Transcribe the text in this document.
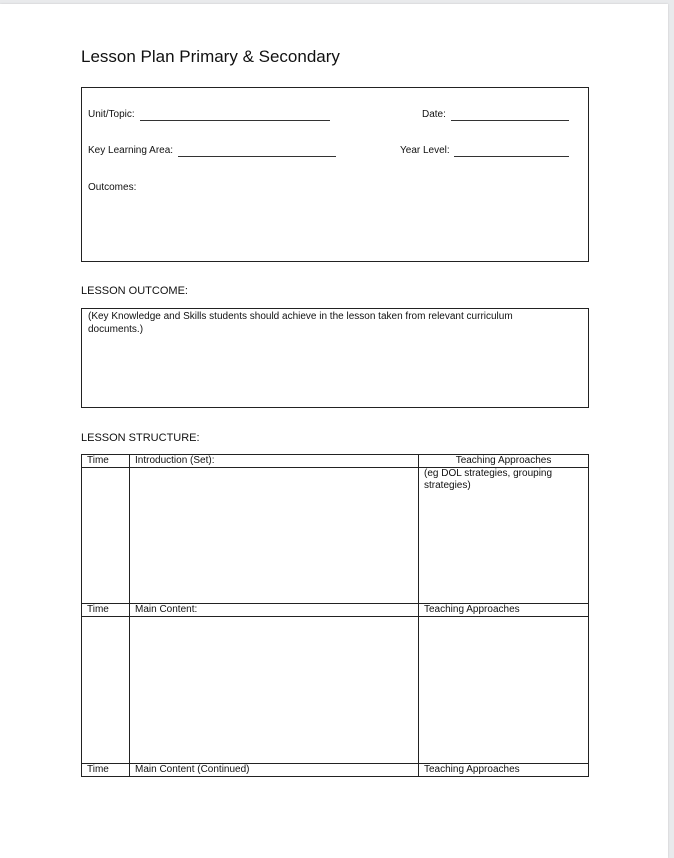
Lesson Plan Primary & Secondary
Unit/Topic:	Date:
Key Learning Area:	Year Level:
Outcomes:
LESSON OUTCOME:
(Key Knowledge and Skills students should achieve in the lesson taken from relevant curriculum documents.)
LESSON STRUCTURE:
Time	Introduction (Set):	Teaching Approaches
		(eg DOL strategies, grouping strategies)
Time	Main Content:	Teaching Approaches

Time	Main Content (Continued)	Teaching Approaches
